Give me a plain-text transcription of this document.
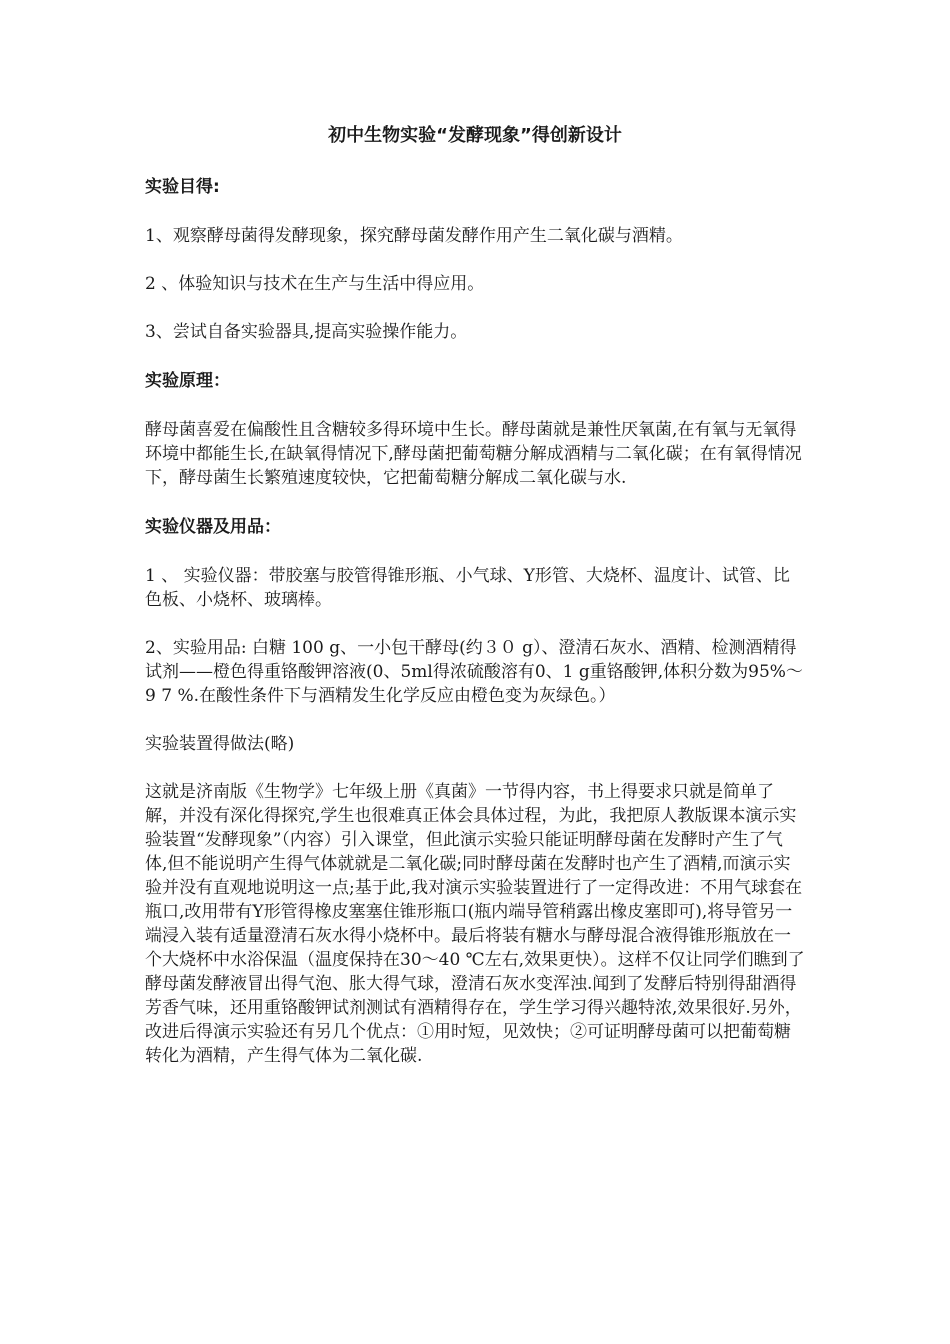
初中生物实验“发酵现象”得创新设计
实验目得:

1、观察酵母菌得发酵现象，探究酵母菌发酵作用产生二氧化碳与酒精。

2 、体验知识与技术在生产与生活中得应用。

3、尝试自备实验器具,提高实验操作能力。

实验原理：

酵母菌喜爱在偏酸性且含糖较多得环境中生长。酵母菌就是兼性厌氧菌,在有氧与无氧得环境中都能生长,在缺氧得情况下,酵母菌把葡萄糖分解成酒精与二氧化碳；在有氧得情况下，酵母菌生长繁殖速度较快，它把葡萄糖分解成二氧化碳与水.

实验仪器及用品：

1 、 实验仪器：带胶塞与胶管得锥形瓶、小气球、Y形管、大烧杯、温度计、试管、比色板、小烧杯、玻璃棒。

2、实验用品: 白糖 100 g、一小包干酵母(约３０ g）、澄清石灰水、酒精、检测酒精得试剂——橙色得重铬酸钾溶液(0、5ml得浓硫酸溶有0、1 g重铬酸钾,体积分数为95%～9 7 %.在酸性条件下与酒精发生化学反应由橙色变为灰绿色。）

实验装置得做法(略)

这就是济南版《生物学》七年级上册《真菌》一节得内容，书上得要求只就是简单了解，并没有深化得探究,学生也很难真正体会具体过程，为此，我把原人教版课本演示实验装置“发酵现象”（内容）引入课堂，但此演示实验只能证明酵母菌在发酵时产生了气体,但不能说明产生得气体就就是二氧化碳;同时酵母菌在发酵时也产生了酒精,而演示实验并没有直观地说明这一点;基于此,我对演示实验装置进行了一定得改进：不用气球套在瓶口,改用带有Y形管得橡皮塞塞住锥形瓶口(瓶内端导管稍露出橡皮塞即可),将导管另一端浸入装有适量澄清石灰水得小烧杯中。最后将装有糖水与酵母混合液得锥形瓶放在一个大烧杯中水浴保温（温度保持在30～40 ℃左右,效果更快）。这样不仅让同学们瞧到了酵母菌发酵液冒出得气泡、胀大得气球，澄清石灰水变浑浊.闻到了发酵后特别得甜酒得芳香气味，还用重铬酸钾试剂测试有酒精得存在，学生学习得兴趣特浓,效果很好.另外，改进后得演示实验还有另几个优点：①用时短，见效快；②可证明酵母菌可以把葡萄糖转化为酒精，产生得气体为二氧化碳.
